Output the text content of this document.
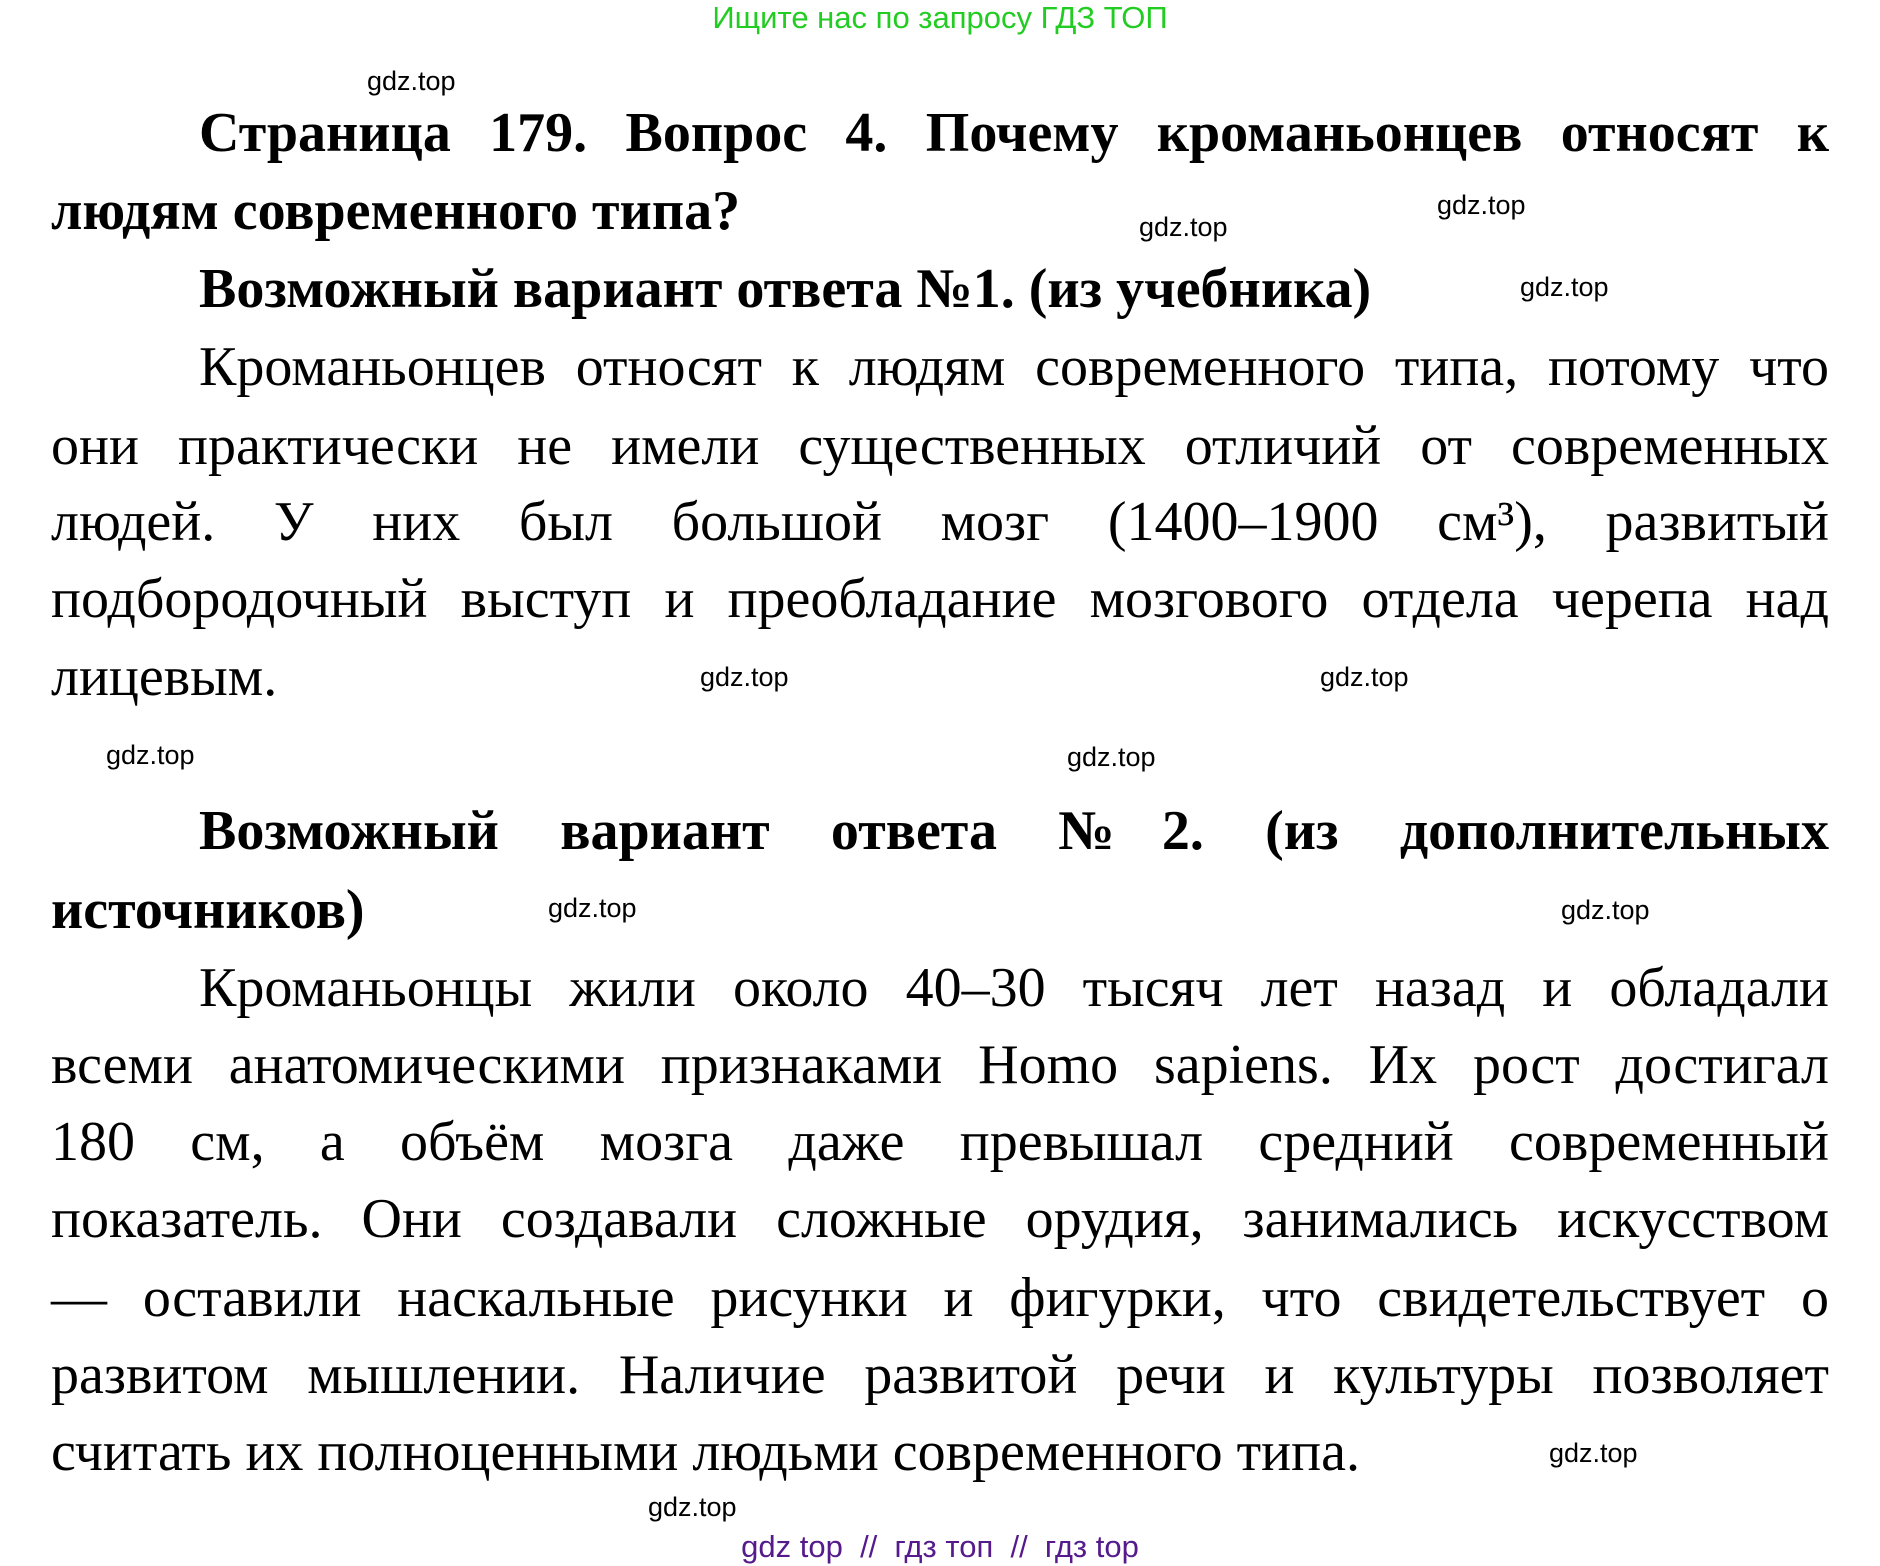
Ищите нас по запросу ГДЗ ТОП
Страница 179. Вопрос 4. Почему кроманьонцев относят к
людям современного типа?
Возможный вариант ответа №1. (из учебника)
Кроманьонцев относят к людям современного типа, потому что
они практически не имели существенных отличий от современных
людей. У них был большой мозг (1400–1900 см³), развитый
подбородочный выступ и преобладание мозгового отдела черепа над
лицевым.
Возможный вариант ответа №2. (из дополнительных
источников)
Кроманьонцы жили около 40–30 тысяч лет назад и обладали
всеми анатомическими признаками Homo sapiens. Их рост достигал
180 см, а объём мозга даже превышал средний современный
показатель. Они создавали сложные орудия, занимались искусством
— оставили наскальные рисунки и фигурки, что свидетельствует о
развитом мышлении. Наличие развитой речи и культуры позволяет
считать их полноценными людьми современного типа.
gdz.top
gdz.top
gdz.top
gdz.top
gdz.top
gdz.top
gdz.top	gdz.top
gdz.top
gdz.top
gdz.top
gdz.top
gdz top  //  гдз топ  //  гдз top
